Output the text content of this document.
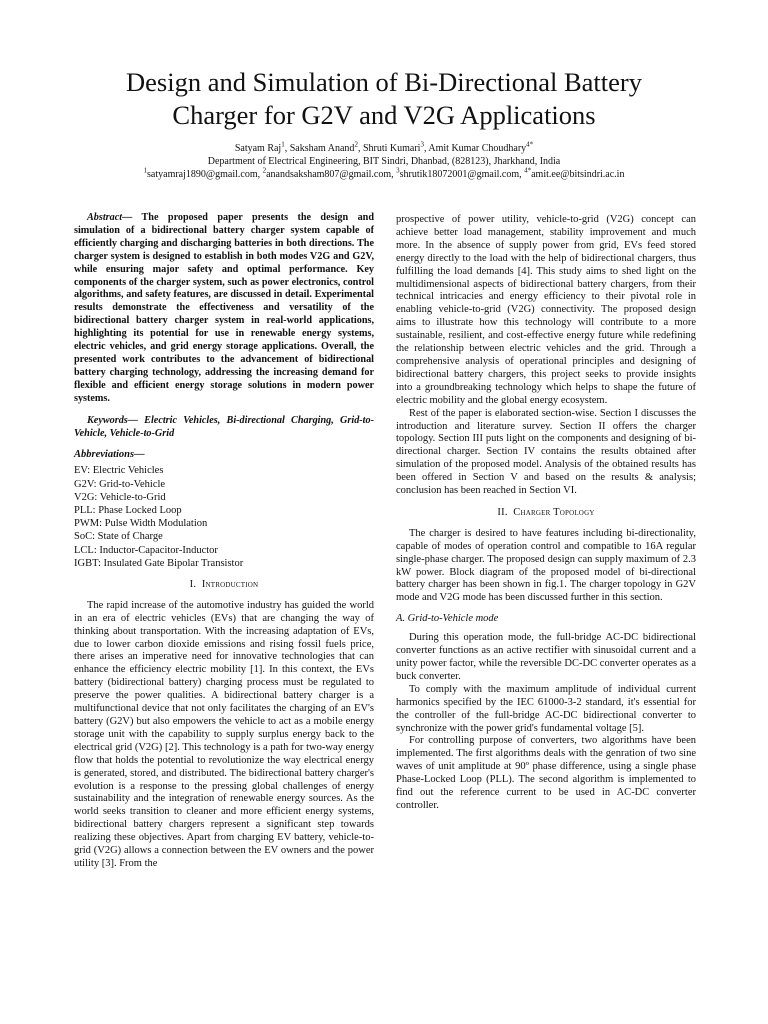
Design and Simulation of Bi-Directional Battery
Charger for G2V and V2G Applications
Satyam Raj$^1$, Saksham Anand$^2$, Shruti Kumari$^3$, Amit Kumar Choudhary$^{4*}$
Department of Electrical Engineering, BIT Sindri, Dhanbad, (828123), Jharkhand, India
$^1$satyamraj1890@gmail.com, $^2$anandsaksham807@gmail.com, $^3$shrutik18072001@gmail.com, $^{4*}$amit.ee@bitsindri.ac.in

Abstract— The proposed paper presents the design and simulation of a bidirectional battery charger system capable of efficiently charging and discharging batteries in both directions. The charger system is designed to establish in both modes V2G and G2V, while ensuring major safety and optimal performance. Key components of the charger system, such as power electronics, control algorithms, and safety features, are discussed in detail. Experimental results demonstrate the effectiveness and versatility of the bidirectional battery charger system in real-world applications, highlighting its potential for use in renewable energy systems, electric vehicles, and grid energy storage applications. Overall, the presented work contributes to the advancement of bidirectional battery charging technology, addressing the increasing demand for flexible and efficient energy storage solutions in modern power systems.

Keywords— Electric Vehicles, Bi-directional Charging, Grid-to-Vehicle, Vehicle-to-Grid

Abbreviations—

EV: Electric Vehicles
G2V: Grid-to-Vehicle
V2G: Vehicle-to-Grid
PLL: Phase Locked Loop
PWM: Pulse Width Modulation
SoC: State of Charge
LCL: Inductor-Capacitor-Inductor
IGBT: Insulated Gate Bipolar Transistor
I. Introduction

The rapid increase of the automotive industry has guided the world in an era of electric vehicles (EVs) that are changing the way of thinking about transportation. With the increasing adaptation of EVs, due to lower carbon dioxide emissions and rising fossil fuels price, there arises an imperative need for innovative technologies that can enhance the efficiency electric mobility [1]. In this context, the EVs battery (bidirectional battery) charging process must be regulated to preserve the power qualities. A bidirectional battery charger is a multifunctional device that not only facilitates the charging of an EV's battery (G2V) but also empowers the vehicle to act as a mobile energy storage unit with the capability to supply surplus energy back to the electrical grid (V2G) [2]. This technology is a path for two-way energy flow that holds the potential to revolutionize the way electrical energy is generated, stored, and distributed. The bidirectional battery charger's evolution is a response to the pressing global challenges of energy sustainability and the integration of renewable energy sources. As the world seeks transition to cleaner and more efficient energy systems, bidirectional battery chargers represent a significant step towards realizing these objectives. Apart from charging EV battery, vehicle-to-grid (V2G) allows a connection between the EV owners and the power utility [3]. From the

prospective of power utility, vehicle-to-grid (V2G) concept can achieve better load management, stability improvement and much more. In the absence of supply power from grid, EVs feed stored energy directly to the load with the help of bidirectional chargers, thus fulfilling the load demands [4]. This study aims to shed light on the multidimensional aspects of bidirectional battery chargers, from their technical intricacies and energy efficiency to their pivotal role in enabling vehicle-to-grid (V2G) connectivity. The proposed design aims to illustrate how this technology will contribute to a more sustainable, resilient, and cost-effective energy future while redefining the relationship between electric vehicles and the grid. Through a comprehensive analysis of operational principles and designing of bidirectional battery chargers, this project seeks to provide insights into a groundbreaking technology which helps to shape the future of electric mobility and the global energy ecosystem.

Rest of the paper is elaborated section-wise. Section I discusses the introduction and literature survey. Section II offers the charger topology. Section III puts light on the components and designing of bi-directional charger. Section IV contains the results obtained after simulation of the proposed model. Analysis of the obtained results has been offered in Section V and based on the results & analysis; conclusion has been reached in Section VI.

II. Charger Topology

The charger is desired to have features including bi-directionality, capable of modes of operation control and compatible to 16A regular single-phase charger. The proposed design can supply maximum of 2.3 kW power. Block diagram of the proposed model of bi-directional battery charger has been shown in fig.1. The charger topology in G2V mode and V2G mode has been discussed further in this section.

A. Grid-to-Vehicle mode

During this operation mode, the full-bridge AC-DC bidirectional converter functions as an active rectifier with sinusoidal current and a unity power factor, while the reversible DC-DC converter operates as a buck converter.

To comply with the maximum amplitude of individual current harmonics specified by the IEC 61000-3-2 standard, it's essential for the controller of the full-bridge AC-DC bidirectional converter to synchronize with the power grid's fundamental voltage [5].

For controlling purpose of converters, two algorithms have been implemented. The first algorithms deals with the genration of two sine waves of unit amplitude at 90º phase difference, using a single phase Phase-Locked Loop (PLL). The second algorithm is implemented to find out the reference current to be used in AC-DC converter controller.
